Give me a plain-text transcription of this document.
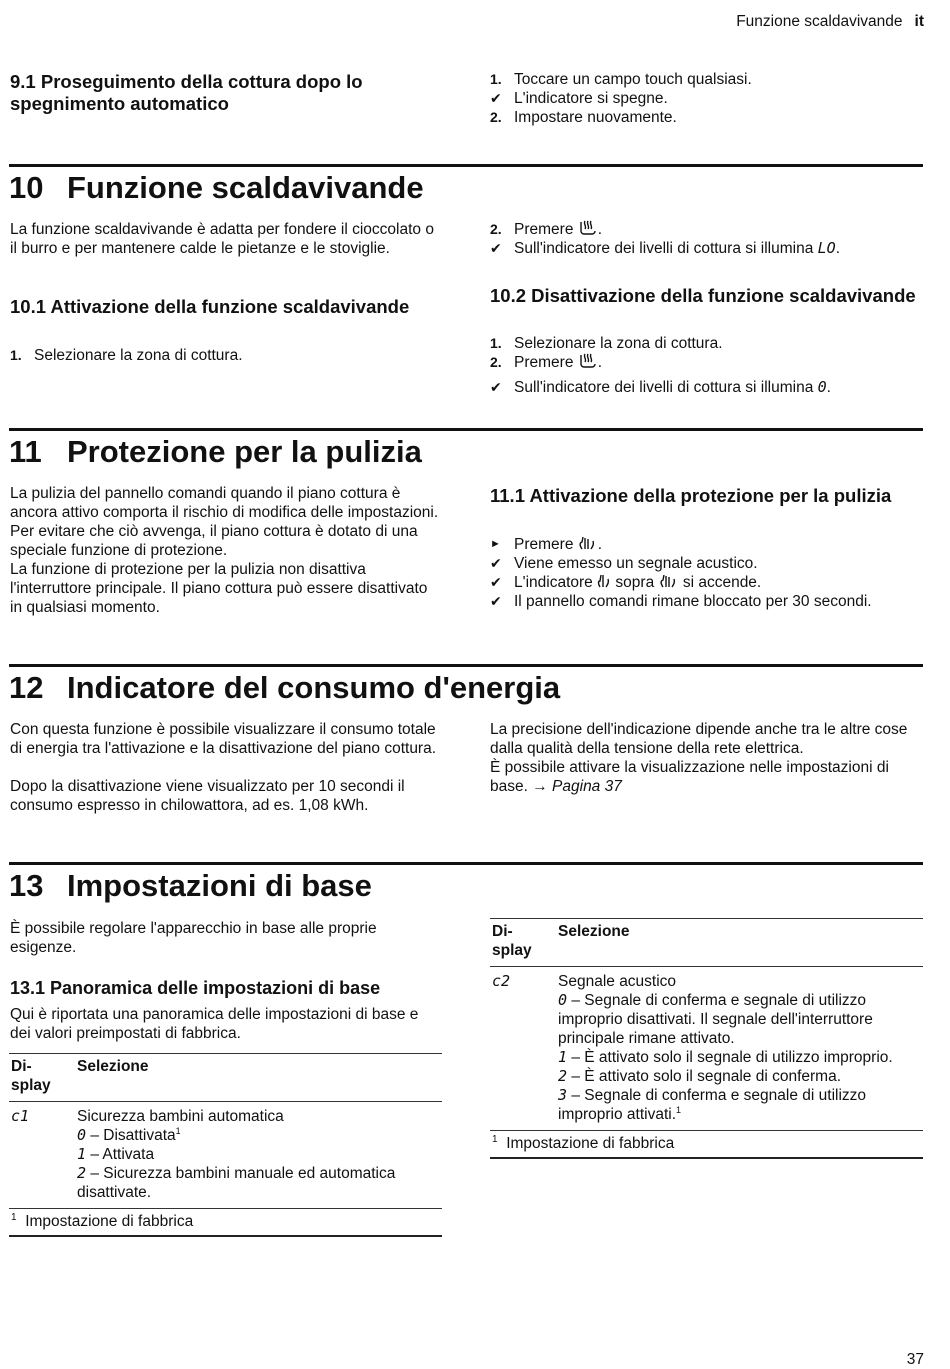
Funzione scaldavivande it
9.1 Proseguimento della cottura dopo lo spegnimento automatico
1. Toccare un campo touch qualsiasi.
✔ L'indicatore si spegne.
2. Impostare nuovamente.
10 Funzione scaldavivande

La funzione scaldavivande è adatta per fondere il cioccolato o il burro e per mantenere calde le pietanze e le stoviglie.

10.1 Attivazione della funzione scaldavivande
1. Selezionare la zona di cottura.
2. Premere .
✔ Sull'indicatore dei livelli di cottura si illumina LO.
10.2 Disattivazione della funzione scaldavivande
1. Selezionare la zona di cottura.
2. Premere .
✔ Sull'indicatore dei livelli di cottura si illumina 0.
11 Protezione per la pulizia

La pulizia del pannello comandi quando il piano cottura è ancora attivo comporta il rischio di modifica delle impostazioni. Per evitare che ciò avvenga, il piano cottura è dotato di una speciale funzione di protezione.

La funzione di protezione per la pulizia non disattiva l'interruttore principale. Il piano cottura può essere disattivato in qualsiasi momento.

11.1 Attivazione della protezione per la pulizia
► Premere .
✔ Viene emesso un segnale acustico.
✔ L'indicatore sopra si accende.
✔ Il pannello comandi rimane bloccato per 30 secondi.
12 Indicatore del consumo d'energia

Con questa funzione è possibile visualizzare il consumo totale di energia tra l'attivazione e la disattivazione del piano cottura.

Dopo la disattivazione viene visualizzato per 10 secondi il consumo espresso in chilowattora, ad es. 1,08 kWh.

La precisione dell'indicazione dipende anche tra le altre cose dalla qualità della tensione della rete elettrica.

È possibile attivare la visualizzazione nelle impostazioni di base. → Pagina 37

13 Impostazioni di base

È possibile regolare l'apparecchio in base alle proprie esigenze.

13.1 Panoramica delle impostazioni di base

Qui è riportata una panoramica delle impostazioni di base e dei valori preimpostati di fabbrica.

Di-
splay	Selezione
c1	Sicurezza bambini automatica
0 – Disattivata$^1$
1 – Attivata
2 – Sicurezza bambini manuale ed automatica disattivate.

$^1$ Impostazione di fabbrica	
Di-
splay	Selezione
c2	Segnale acustico
0 – Segnale di conferma e segnale di utilizzo improprio disattivati. Il segnale dell'interruttore principale rimane attivato.
1 – È attivato solo il segnale di utilizzo improprio.
2 – È attivato solo il segnale di conferma.
3 – Segnale di conferma e segnale di utilizzo improprio attivati.$^1$

$^1$ Impostazione di fabbrica	
37
